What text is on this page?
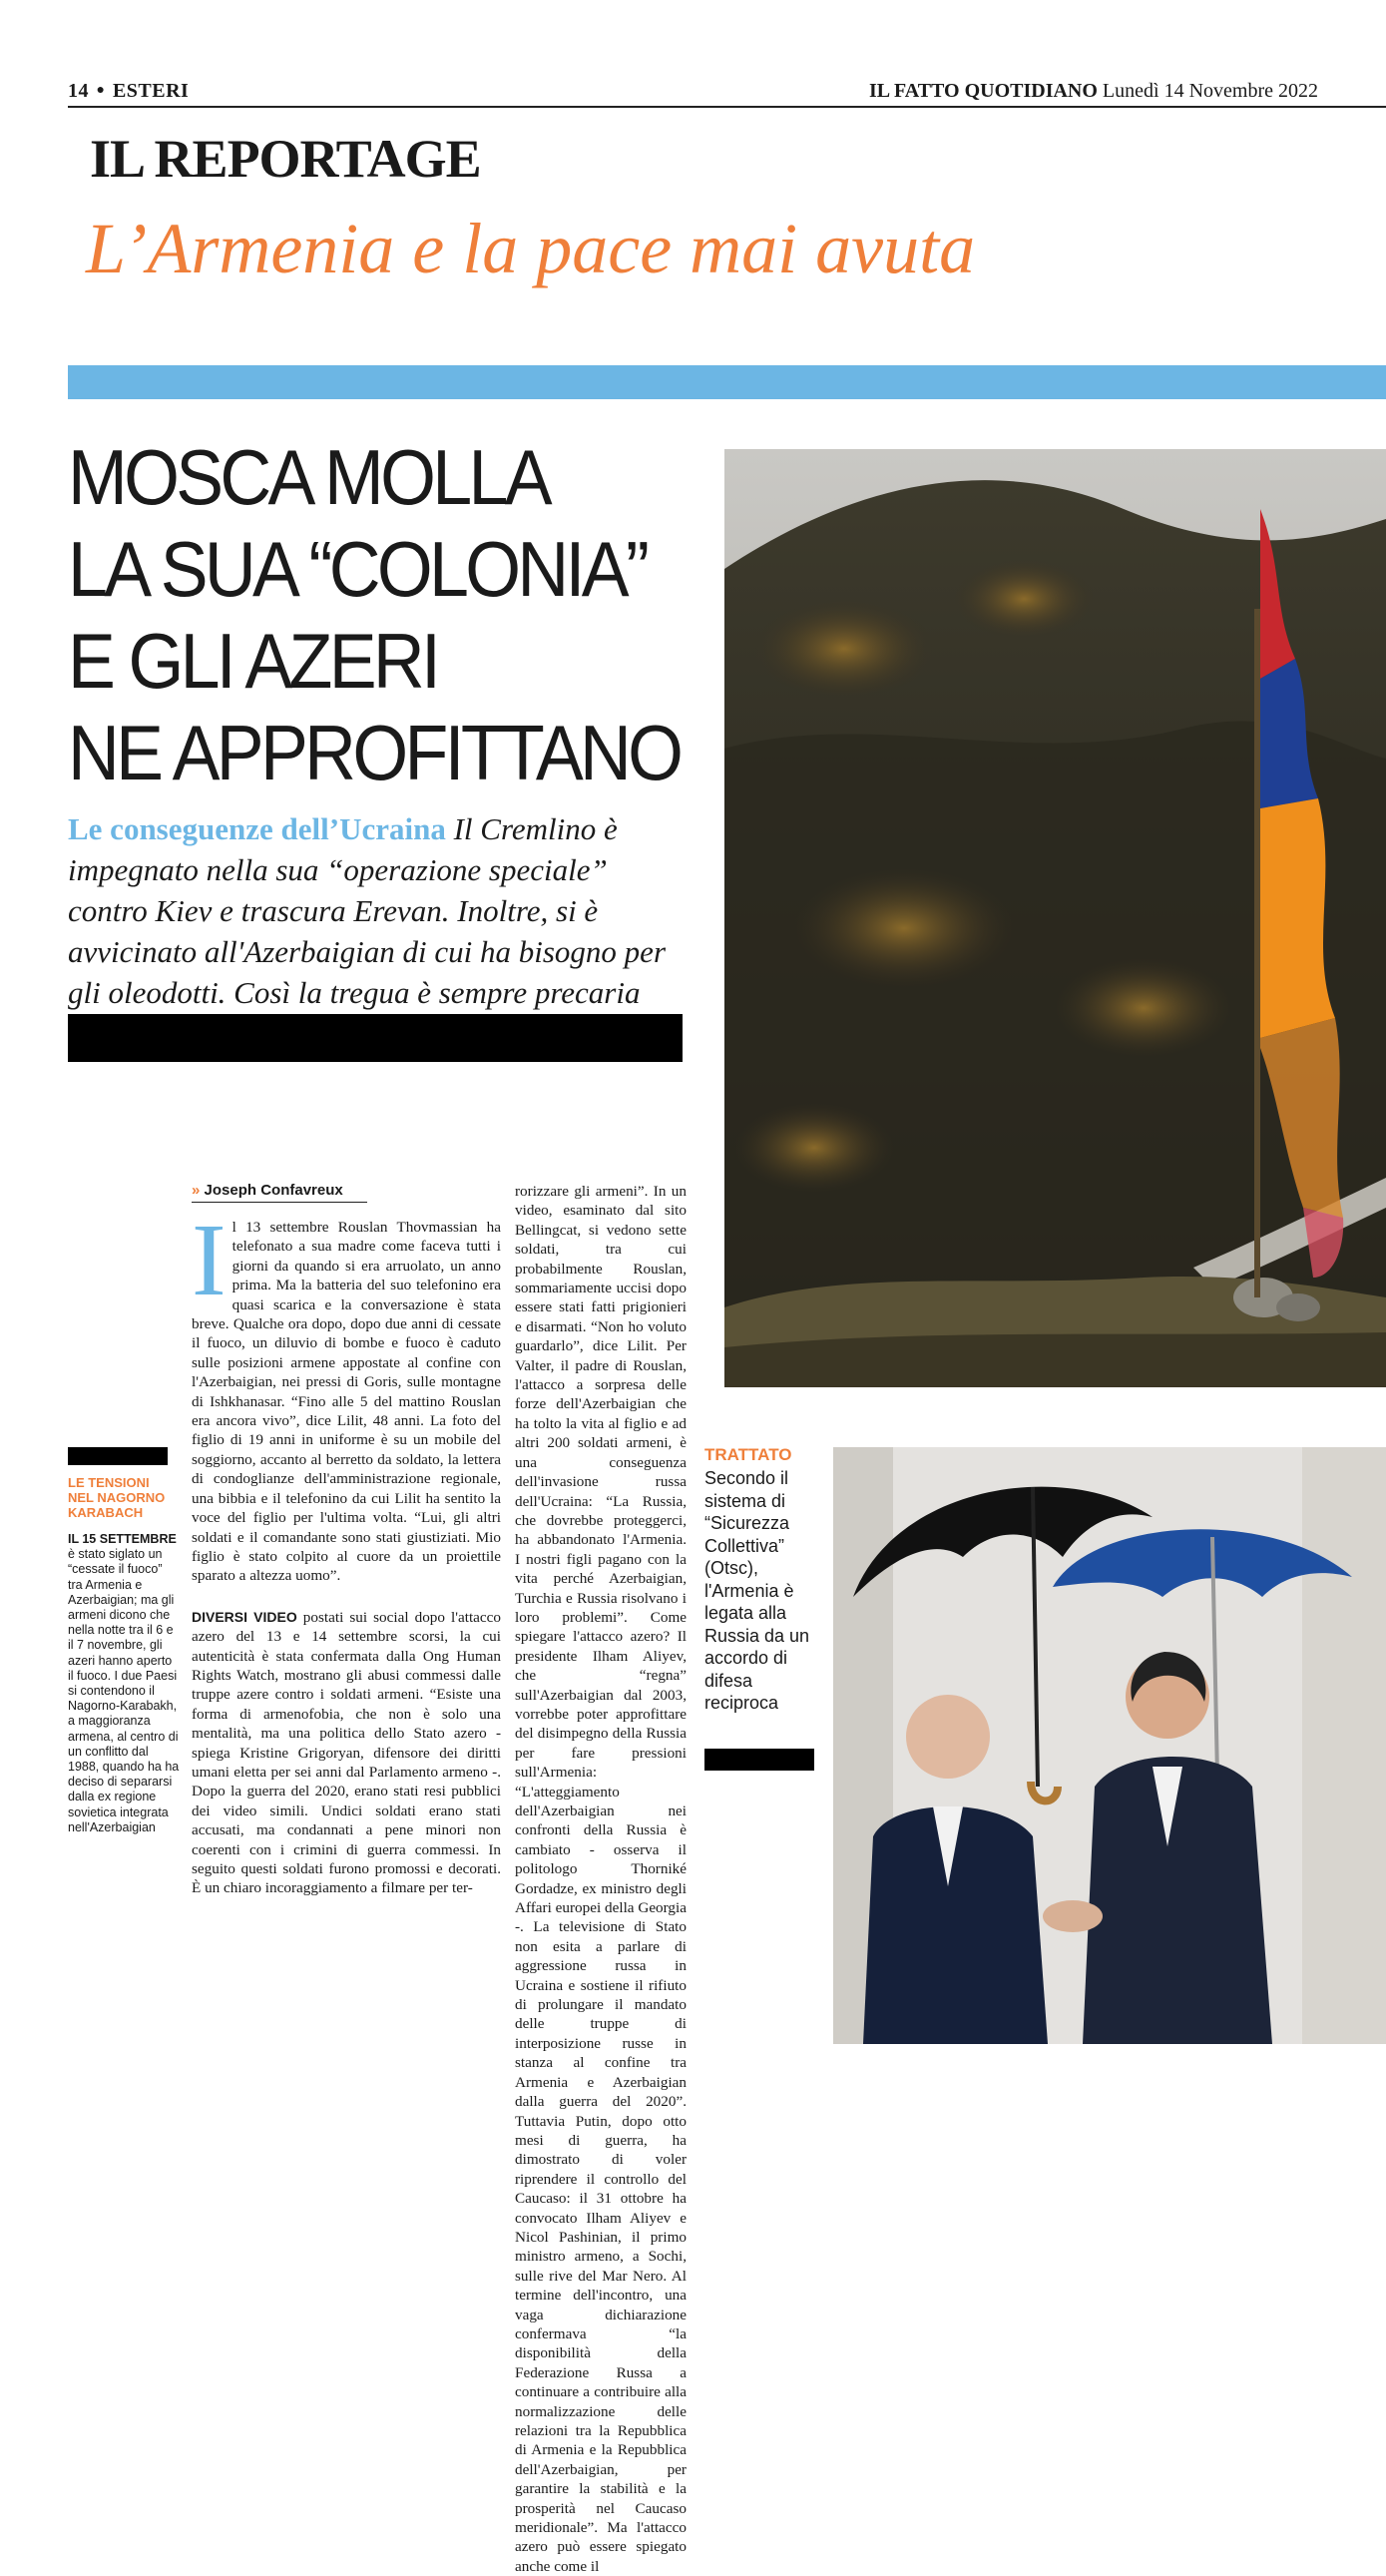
14 ● ESTERI	IL FATTO QUOTIDIANO Lunedì 14 Novembre 2022
IL REPORTAGE
L’Armenia e la pace mai avuta
MOSCA MOLLA
LA SUA “COLONIA”
E GLI AZERI
NE APPROFITTANO
Le conseguenze dell’Ucraina Il Cremlino è impegnato nella sua “operazione speciale” contro Kiev e trascura Erevan. Inoltre, si è avvicinato all'Azerbaigian di cui ha bisogno per gli oleodotti. Così la tregua è sempre precaria
LE TENSIONI NEL NAGORNO KARABACH
IL 15 SETTEMBRE è stato siglato un “cessate il fuoco” tra Armenia e Azerbaigian; ma gli armeni dicono che nella notte tra il 6 e il 7 novembre, gli azeri hanno aperto il fuoco. I due Paesi si contendono il Nagorno-Karabakh, a maggioranza armena, al centro di un conflitto dal 1988, quando ha ha deciso di separarsi dalla ex regione sovietica integrata nell'Azerbaigian
» Joseph Confavreux
I l 13 settembre Rouslan Thovmassian ha telefonato a sua madre come faceva tutti i giorni da quando si era arruolato, un anno prima. Ma la batteria del suo telefonino era quasi scarica e la conversazione è stata breve. Qualche ora dopo, dopo due anni di cessate il fuoco, un diluvio di bombe e fuoco è caduto sulle posizioni armene appostate al confine con l'Azerbaigian, nei pressi di Goris, sulle montagne di Ishkhanasar. “Fino alle 5 del mattino Rouslan era ancora vivo”, dice Lilit, 48 anni. La foto del figlio di 19 anni in uniforme è su un mobile del soggiorno, accanto al berretto da soldato, la lettera di condoglianze dell'amministrazione regionale, una bibbia e il telefonino da cui Lilit ha sentito la voce del figlio per l'ultima volta. “Lui, gli altri soldati e il comandante sono stati giustiziati. Mio figlio è stato colpito al cuore da un proiettile sparato a altezza uomo”.
DIVERSI VIDEO postati sui social dopo l'attacco azero del 13 e 14 settembre scorsi, la cui autenticità è stata confermata dalla Ong Human Rights Watch, mostrano gli abusi commessi dalle truppe azere contro i soldati armeni. “Esiste una forma di armenofobia, che non è solo una mentalità, ma una politica dello Stato azero - spiega Kristine Grigoryan, difensore dei diritti umani eletta per sei anni dal Parlamento armeno -. Dopo la guerra del 2020, erano stati resi pubblici dei video simili. Undici soldati erano stati accusati, ma condannati a pene minori non coerenti con i crimini di guerra commessi. In seguito questi soldati furono promossi e decorati. È un chiaro incoraggiamento a filmare per ter-
rorizzare gli armeni”. In un video, esaminato dal sito Bellingcat, si vedono sette soldati, tra cui probabilmente Rouslan, sommariamente uccisi dopo essere stati fatti prigionieri e disarmati. “Non ho voluto guardarlo”, dice Lilit. Per Valter, il padre di Rouslan, l'attacco a sorpresa delle forze dell'Azerbaigian che ha tolto la vita al figlio e ad altri 200 soldati armeni, è una conseguenza dell'invasione russa dell'Ucraina: “La Russia, che dovrebbe proteggerci, ha abbandonato l'Armenia. I nostri figli pagano con la vita perché Azerbaigian, Turchia e Russia risolvano i loro problemi”. Come spiegare l'attacco azero? Il presidente Ilham Aliyev, che “regna” sull'Azerbaigian dal 2003, vorrebbe poter approfittare del disimpegno della Russia per fare pressioni sull'Armenia: “L'atteggiamento dell'Azerbaigian nei confronti della Russia è cambiato - osserva il politologo Thorniké Gordadze, ex ministro degli Affari europei della Georgia -. La televisione di Stato non esita a parlare di aggressione russa in Ucraina e sostiene il rifiuto di prolungare il mandato delle truppe di interposizione russe in stanza al confine tra Armenia e Azerbaigian dalla guerra del 2020”. Tuttavia Putin, dopo otto mesi di guerra, ha dimostrato di voler riprendere il controllo del Caucaso: il 31 ottobre ha convocato Ilham Aliyev e Nicol Pashinian, il primo ministro armeno, a Sochi, sulle rive del Mar Nero. Al termine dell'incontro, una vaga dichiarazione confermava “la disponibilità della Federazione Russa a continuare a contribuire alla normalizzazione delle relazioni tra la Repubblica di Armenia e la Repubblica dell'Azerbaigian, per garantire la stabilità e la prosperità nel Caucaso meridionale”. Ma l'attacco azero può essere spiegato anche come il
TRATTATO
Secondo il sistema di “Sicurezza Collettiva” (Otsc), l'Armenia è legata alla Russia da un accordo di difesa reciproca
